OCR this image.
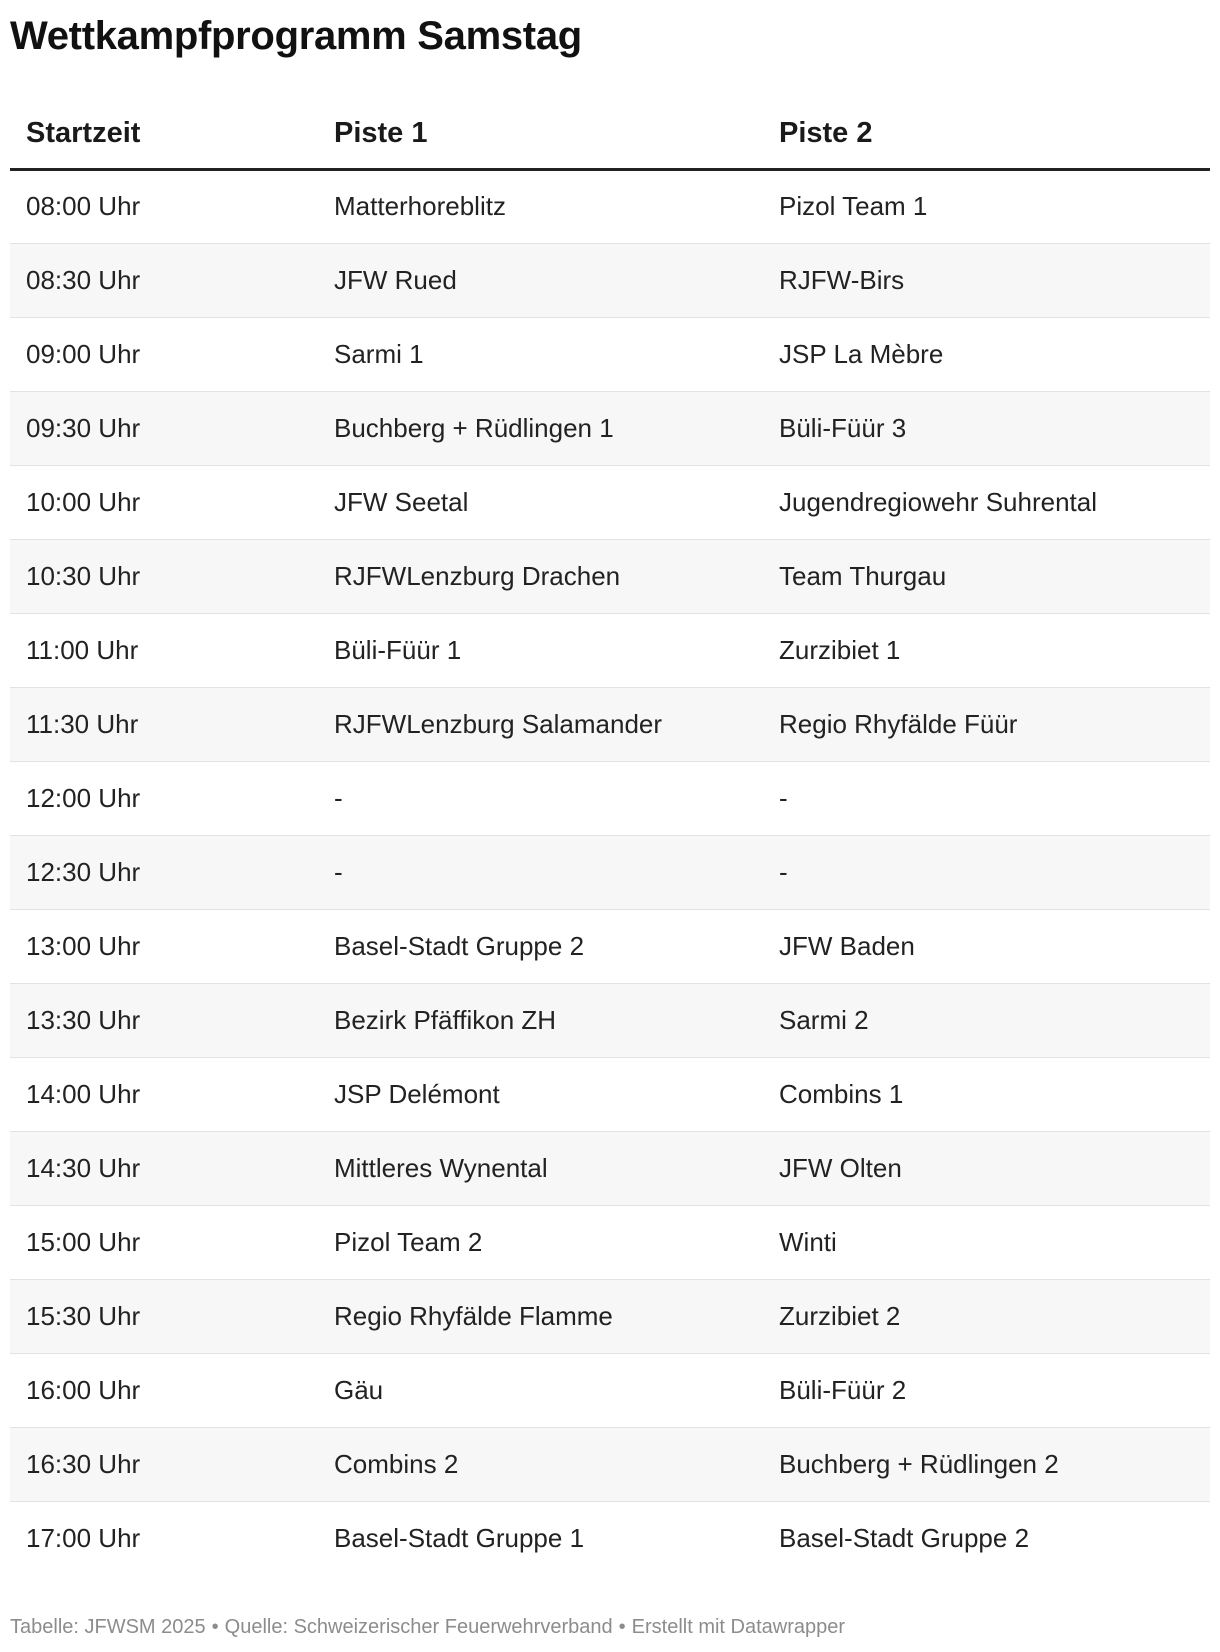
Wettkampfprogramm Samstag
Startzeit	Piste 1	Piste 2
08:00 Uhr	Matterhoreblitz	Pizol Team 1
08:30 Uhr	JFW Rued	RJFW-Birs
09:00 Uhr	Sarmi 1	JSP La Mèbre
09:30 Uhr	Buchberg + Rüdlingen 1	Büli-Füür 3
10:00 Uhr	JFW Seetal	Jugendregiowehr Suhrental
10:30 Uhr	RJFWLenzburg Drachen	Team Thurgau
11:00 Uhr	Büli-Füür 1	Zurzibiet 1
11:30 Uhr	RJFWLenzburg Salamander	Regio Rhyfälde Füür
12:00 Uhr	-	-
12:30 Uhr	-	-
13:00 Uhr	Basel-Stadt Gruppe 2	JFW Baden
13:30 Uhr	Bezirk Pfäffikon ZH	Sarmi 2
14:00 Uhr	JSP Delémont	Combins 1
14:30 Uhr	Mittleres Wynental	JFW Olten
15:00 Uhr	Pizol Team 2	Winti
15:30 Uhr	Regio Rhyfälde Flamme	Zurzibiet 2
16:00 Uhr	Gäu	Büli-Füür 2
16:30 Uhr	Combins 2	Buchberg + Rüdlingen 2
17:00 Uhr	Basel-Stadt Gruppe 1	Basel-Stadt Gruppe 2
Tabelle: JFWSM 2025 • Quelle: Schweizerischer Feuerwehrverband • Erstellt mit Datawrapper
